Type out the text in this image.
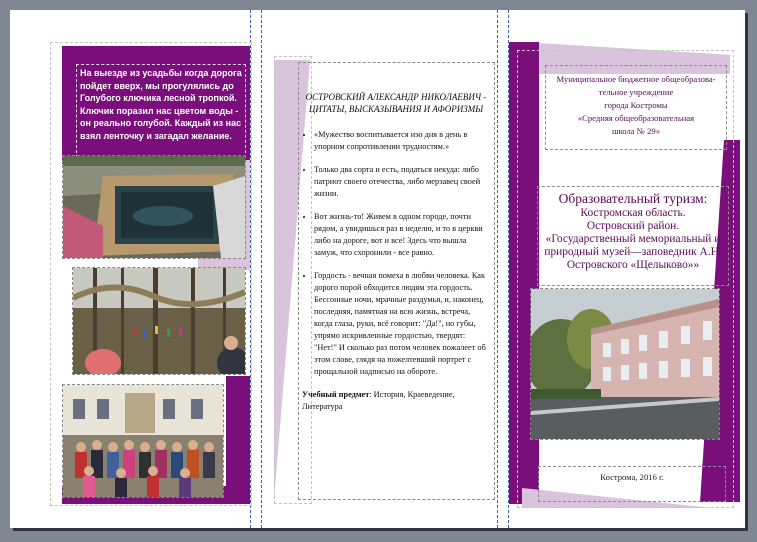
На выезде из усадьбы когда дорога пойдет вверх, мы прогулялись до Голубого ключика лесной тропкой. Ключик поразил нас цветом воды - он реально голубой. Каждый из нас взял ленточку и загадал желание.
ОСТРОВСКИЙ АЛЕКСАНДР НИКОЛАЕВИЧ - ЦИТАТЫ, ВЫСКАЗЫВАНИЯ И АФОРИЗМЫ
• «Мужество воспитывается изо дня в день в упорном сопротивлении трудностям.»
• Только два сорта и есть, податься некуда: либо патриот своего отечества, либо мерзавец своей жизни.
• Вот жизнь-то! Живем в одном городе, почти рядом, а увидишься раз в неделю, и то в церкви либо на дороге, вот и все! Здесь что вышла замуж, что схоронили - все равно.
• Гордость - вечная помеха в любви человека. Как дорого порой обходится людям эта гордость. Бессонные ночи, мрачные раздумья, и, наконец, последняя, памятная на всю жизнь, встреча, когда глаза, руки, всё говорит: "Да!", но губы, упрямо искривленные гордостью, твердят: "Нет!" И сколько раз потом человек пожалеет об этом слове, глядя на пожелтевший портрет с прощальной надписью на обороте.
Учебный предмет: История, Краеведение, Литература
Муниципальное бюджетное общеобразова-тельное учреждение
города Костромы
«Средняя общеобразовательная
школа № 29»
Образовательный туризм:
Костромская область.
Островский район.
«Государственный мемориальный и природный музей—заповедник А.Н. Островского «Щелыково»»
Кострома, 2016 г.
